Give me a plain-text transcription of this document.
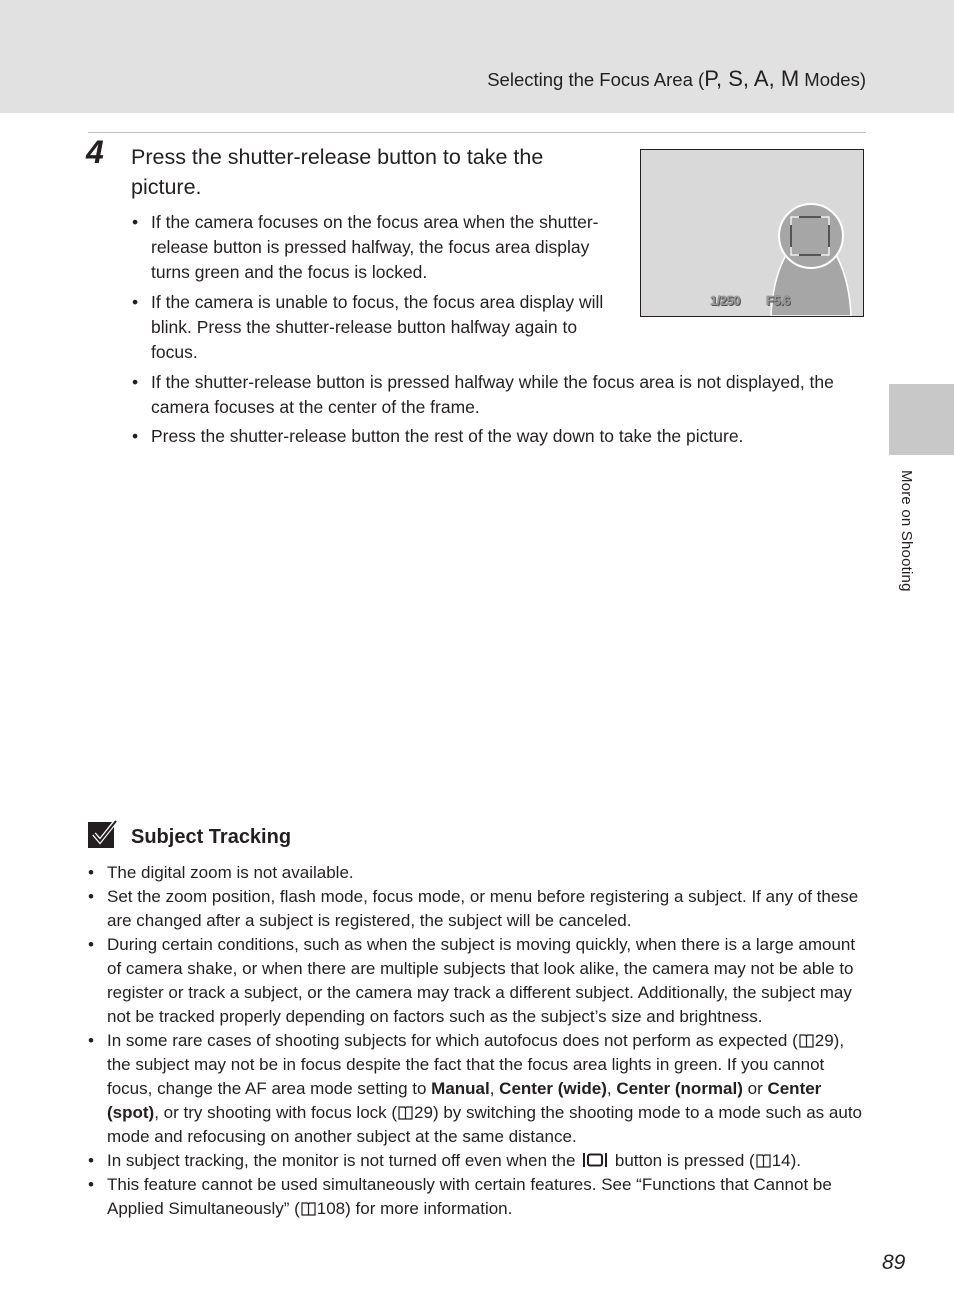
Selecting the Focus Area (P, S, A, M Modes)
More on Shooting
4 Press the shutter-release button to take the picture.
• If the camera focuses on the focus area when the shutter-release button is pressed halfway, the focus area display turns green and the focus is locked.
• If the camera is unable to focus, the focus area display will blink. Press the shutter-release button halfway again to focus.
1/250 F5.6
• If the shutter-release button is pressed halfway while the focus area is not displayed, the camera focuses at the center of the frame.
• Press the shutter-release button the rest of the way down to take the picture.
Subject Tracking
• The digital zoom is not available.
• Set the zoom position, flash mode, focus mode, or menu before registering a subject. If any of these are changed after a subject is registered, the subject will be canceled.
• During certain conditions, such as when the subject is moving quickly, when there is a large amount of camera shake, or when there are multiple subjects that look alike, the camera may not be able to register or track a subject, or the camera may track a different subject. Additionally, the subject may not be tracked properly depending on factors such as the subject’s size and brightness.
• In some rare cases of shooting subjects for which autofocus does not perform as expected ( 29), the subject may not be in focus despite the fact that the focus area lights in green. If you cannot focus, change the AF area mode setting to Manual, Center (wide), Center (normal) or Center (spot), or try shooting with focus lock ( 29) by switching the shooting mode to a mode such as auto mode and refocusing on another subject at the same distance.
• In subject tracking, the monitor is not turned off even when the  button is pressed ( 14).
• This feature cannot be used simultaneously with certain features. See “Functions that Cannot be Applied Simultaneously” ( 108) for more information.
89
